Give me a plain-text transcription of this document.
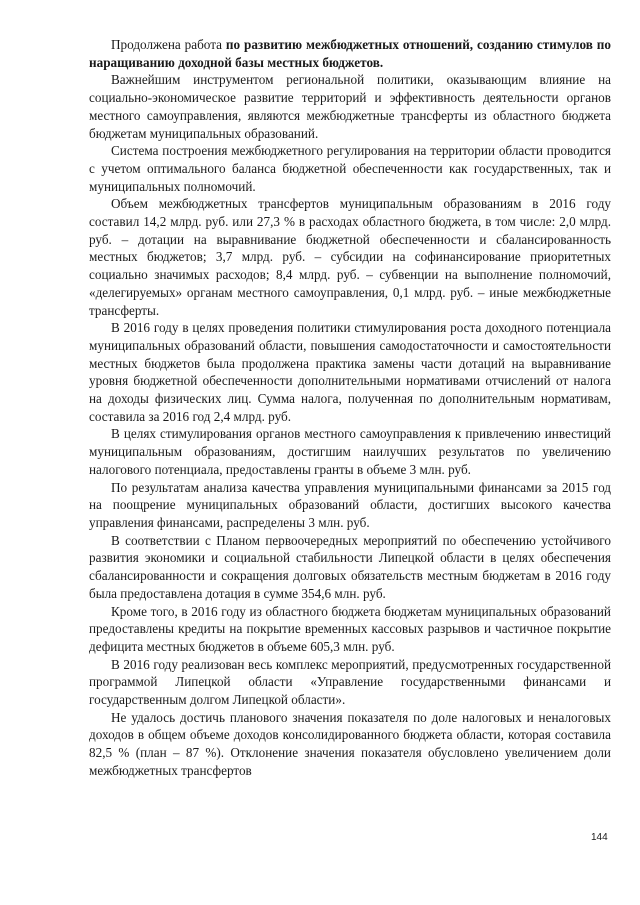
Продолжена работа по развитию межбюджетных отношений, созданию стимулов по наращиванию доходной базы местных бюджетов.

Важнейшим инструментом региональной политики, оказывающим влияние на социально-экономическое развитие территорий и эффективность деятельности органов местного самоуправления, являются межбюджетные трансферты из областного бюджета бюджетам муниципальных образований.

Система построения межбюджетного регулирования на территории области проводится с учетом оптимального баланса бюджетной обеспеченности как государственных, так и муниципальных полномочий.

Объем межбюджетных трансфертов муниципальным образованиям в 2016 году составил 14,2 млрд. руб. или 27,3 % в расходах областного бюджета, в том числе: 2,0 млрд. руб. – дотации на выравнивание бюджетной обеспеченности и сбалансированность местных бюджетов; 3,7 млрд. руб. – субсидии на софинансирование приоритетных социально значимых расходов; 8,4 млрд. руб. – субвенции на выполнение полномочий, «делегируемых» органам местного самоуправления, 0,1 млрд. руб. – иные межбюджетные трансферты.

В 2016 году в целях проведения политики стимулирования роста доходного потенциала муниципальных образований области, повышения самодостаточности и самостоятельности местных бюджетов была продолжена практика замены части дотаций на выравнивание уровня бюджетной обеспеченности дополнительными нормативами отчислений от налога на доходы физических лиц. Сумма налога, полученная по дополнительным нормативам, составила за 2016 год 2,4 млрд. руб.

В целях стимулирования органов местного самоуправления к привлечению инвестиций муниципальным образованиям, достигшим наилучших результатов по увеличению налогового потенциала, предоставлены гранты в объеме 3 млн. руб.

По результатам анализа качества управления муниципальными финансами за 2015 год на поощрение муниципальных образований области, достигших высокого качества управления финансами, распределены 3 млн. руб.

В соответствии с Планом первоочередных мероприятий по обеспечению устойчивого развития экономики и социальной стабильности Липецкой области в целях обеспечения сбалансированности и сокращения долговых обязательств местным бюджетам в 2016 году была предоставлена дотация в сумме 354,6 млн. руб.

Кроме того, в 2016 году из областного бюджета бюджетам муниципальных образований предоставлены кредиты на покрытие временных кассовых разрывов и частичное покрытие дефицита местных бюджетов в объеме 605,3 млн. руб.

В 2016 году реализован весь комплекс мероприятий, предусмотренных государственной программой Липецкой области «Управление государственными финансами и государственным долгом Липецкой области».

Не удалось достичь планового значения показателя по доле налоговых и неналоговых доходов в общем объеме доходов консолидированного бюджета области, которая составила 82,5 % (план – 87 %). Отклонение значения показателя обусловлено увеличением доли межбюджетных трансфертов

144
